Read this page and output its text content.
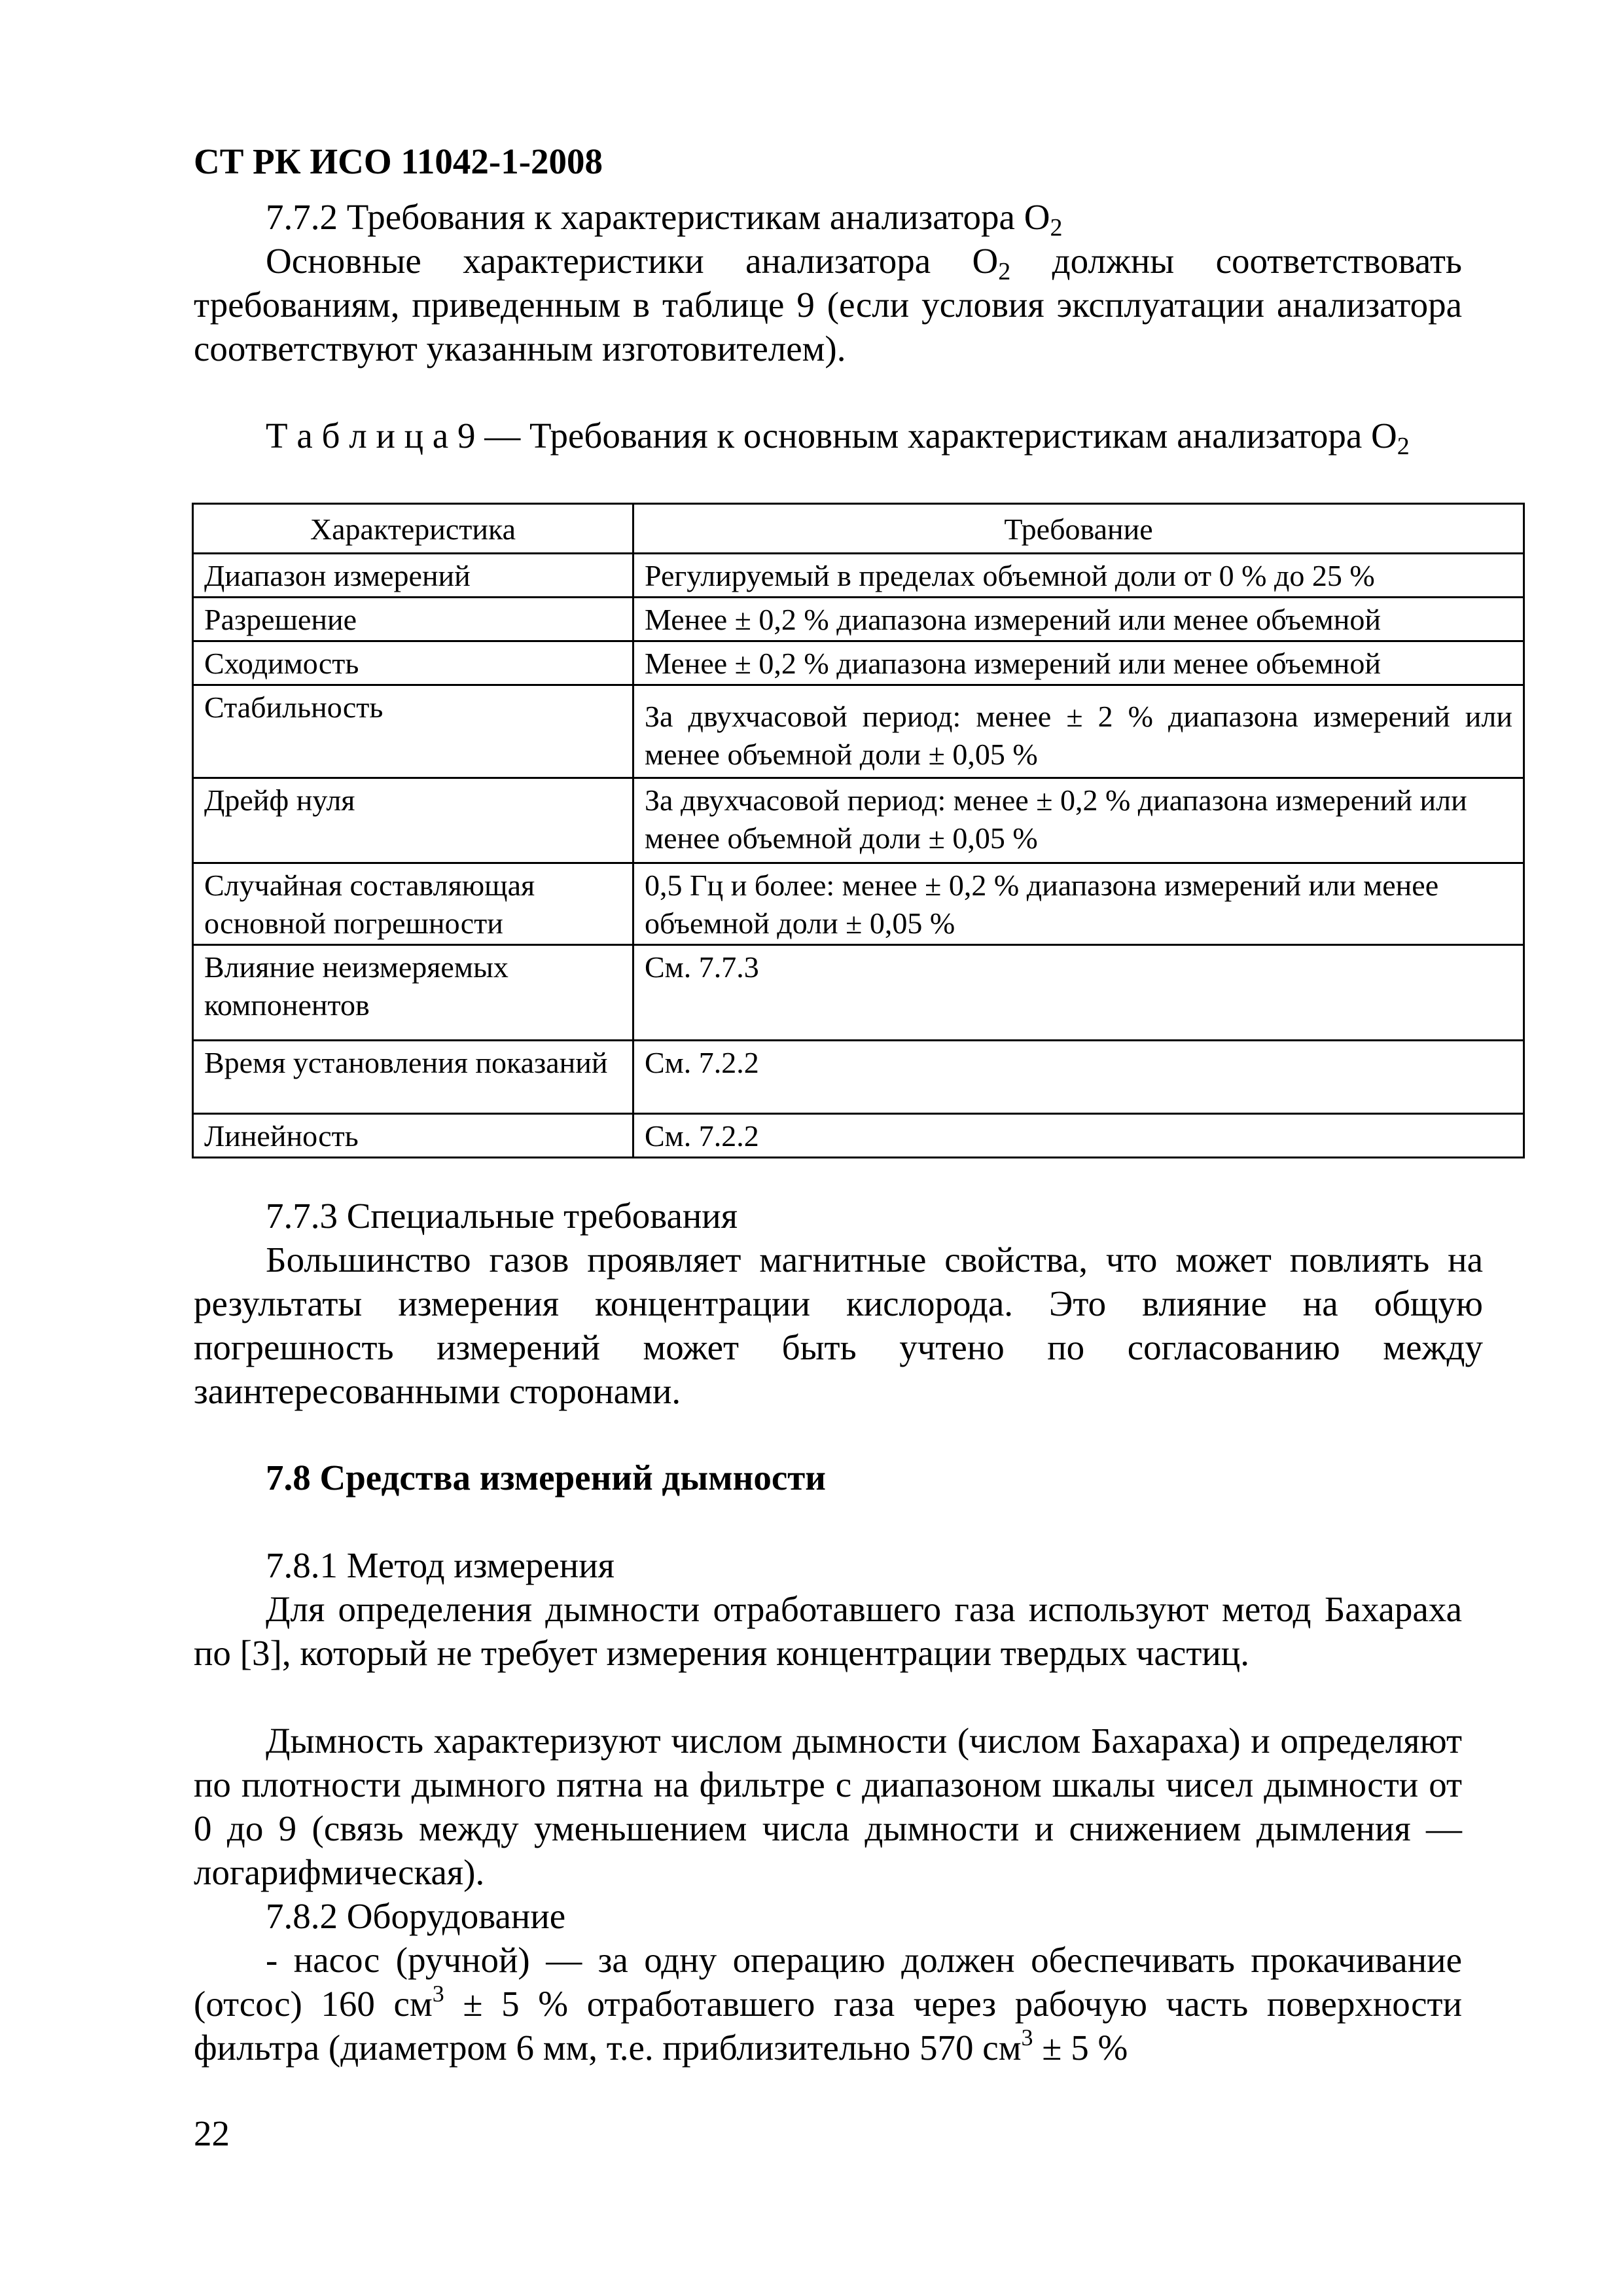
СТ РК ИСО 11042-1-2008
7.7.2 Требования к характеристикам анализатора $O_2$
Основные характеристики анализатора $O_2$ должны соответствовать требованиям, приведенным в таблице 9 (если условия эксплуатации анализатора соответствуют указанным изготовителем).
Т а б л и ц а 9 — Требования к основным характеристикам анализатора $O_2$
Характеристика	Требование
Диапазон измерений	Регулируемый в пределах объемной доли от 0 % до 25 %
Разрешение	Менее ± 0,2 % диапазона измерений или менее объемной
Сходимость	Менее ± 0,2 % диапазона измерений или менее объемной
Стабильность	За двухчасовой период: менее ± 2 % диапазона измерений или менее объемной доли ± 0,05 %
Дрейф нуля	За двухчасовой период: менее ± 0,2 % диапазона измерений или менее объемной доли ± 0,05 %
Случайная составляющая основной погрешности	0,5 Гц и более: менее ± 0,2 % диапазона измерений или менее объемной доли ± 0,05 %
Влияние неизмеряемых компонентов	См. 7.7.3
Время установления показаний	См. 7.2.2
Линейность	См. 7.2.2
7.7.3 Специальные требования
Большинство газов проявляет магнитные свойства, что может повлиять на результаты измерения концентрации кислорода. Это влияние на общую погрешность измерений может быть учтено по согласованию между заинтересованными сторонами.
7.8 Средства измерений дымности
7.8.1 Метод измерения
Для определения дымности отработавшего газа используют метод Бахараха по [3], который не требует измерения концентрации твердых частиц.
Дымность характеризуют числом дымности (числом Бахараха) и определяют по плотности дымного пятна на фильтре с диапазоном шкалы чисел дымности от 0 до 9 (связь между уменьшением числа дымности и снижением дымления — логарифмическая).
7.8.2 Оборудование
- насос (ручной) — за одну операцию должен обеспечивать прокачивание (отсос) 160 $см^3 \pm 5$ % отработавшего газа через рабочую часть поверхности фильтра (диаметром 6 мм, т.е. приблизительно 570 $см^3 \pm 5$ %
22
